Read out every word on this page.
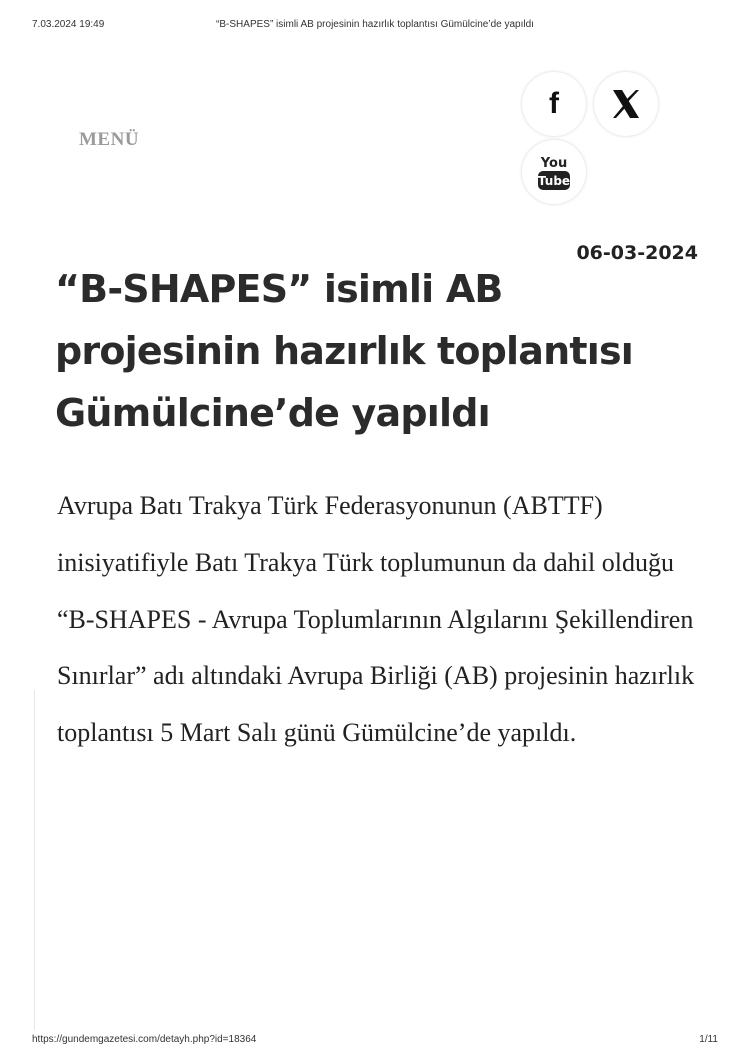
7.03.2024 19:49	“B-SHAPES” isimli AB projesinin hazırlık toplantısı Gümülcine’de yapıldı
MENÜ
f
You
Tube
06-03-2024
“B-SHAPES” isimli AB projesinin hazırlık toplantısı Gümülcine’de yapıldı

Avrupa Batı Trakya Türk Federasyonunun (ABTTF) inisiyatifiyle Batı Trakya Türk toplumunun da dahil olduğu “B-SHAPES - Avrupa Toplumlarının Algılarını Şekillendiren Sınırlar” adı altındaki Avrupa Birliği (AB) projesinin hazırlık toplantısı 5 Mart Salı günü Gümülcine’de yapıldı.

https://gundemgazetesi.com/detayh.php?id=18364	1/11
